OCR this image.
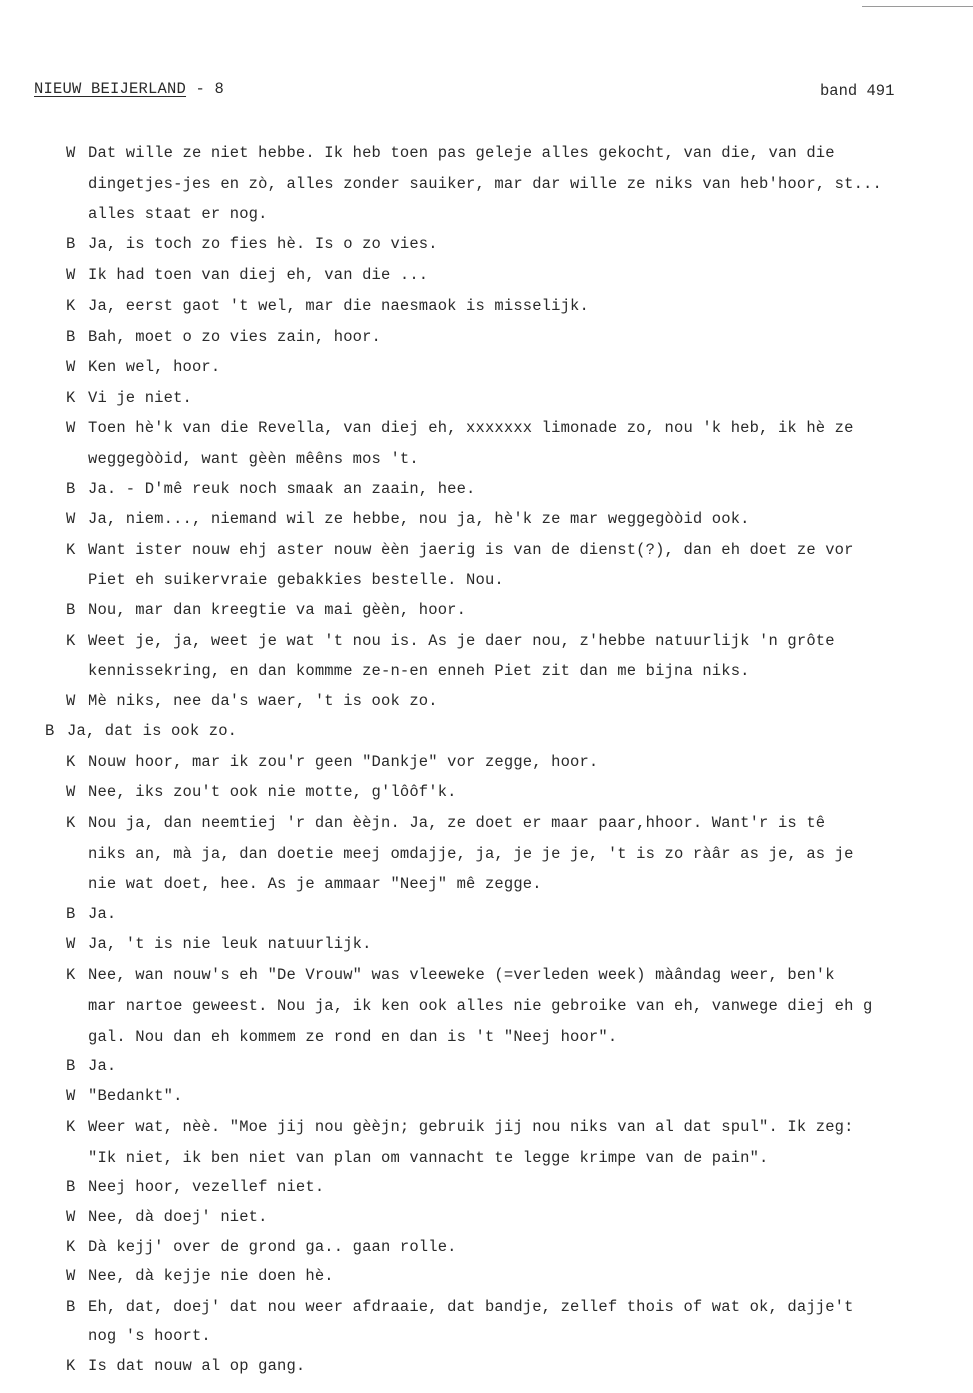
NIEUW BEIJERLAND - 8	band 491
W Dat wille ze niet hebbe. Ik heb toen pas geleje alles gekocht, van die, van die
dingetjes-jes en zò, alles zonder sauiker, mar dar wille ze niks van heb'hoor, st...
alles staat er nog.
B Ja, is toch zo fies hè. Is o zo vies.
W Ik had toen van diej eh, van die ...
K Ja, eerst gaot 't wel, mar die naesmaok is misselijk.
B Bah, moet o zo vies zain, hoor.
W Ken wel, hoor.
K Vi je niet.
W Toen hè'k van die Revella, van diej eh, xxxxxxx limonade zo, nou 'k heb, ik hè ze
weggegòòid, want gèèn mêêns mos 't.
B Ja. - D'mê reuk noch smaak an zaain, hee.
W Ja, niem..., niemand wil ze hebbe, nou ja, hè'k ze mar weggegòòid ook.
K Want ister nouw ehj aster nouw èèn jaerig is van de dienst(?), dan eh doet ze vor
Piet eh suikervraie gebakkies bestelle. Nou.
B Nou, mar dan kreegtie va mai gèèn, hoor.
K Weet je, ja, weet je wat 't nou is. As je daer nou, z'hebbe natuurlijk 'n grôte
kennissekring, en dan kommme ze-n-en enneh Piet zit dan me bijna niks.
W Mè niks, nee da's waer, 't is ook zo.
B Ja, dat is ook zo.
K Nouw hoor, mar ik zou'r geen "Dankje" vor zegge, hoor.
W Nee, iks zou't ook nie motte, g'lôôf'k.
K Nou ja, dan neemtiej 'r dan èèjn. Ja, ze doet er maar paar,hhoor. Want'r is tê
niks an, mà ja, dan doetie meej omdajje, ja, je je je, 't is zo ràâr as je, as je
nie wat doet, hee. As je ammaar "Neej" mê zegge.
B Ja.
W Ja, 't is nie leuk natuurlijk.
K Nee, wan nouw's eh "De Vrouw" was vleeweke (=verleden week) màândag weer, ben'k
mar nartoe geweest. Nou ja, ik ken ook alles nie gebroike van eh, vanwege diej eh g
gal. Nou dan eh kommem ze rond en dan is 't "Neej hoor".
B Ja.
W "Bedankt".
K Weer wat, nèè. "Moe jij nou gèèjn; gebruik jij nou niks van al dat spul". Ik zeg:
"Ik niet, ik ben niet van plan om vannacht te legge krimpe van de pain".
B Neej hoor, vezellef niet.
W Nee, dà doej' niet.
K Dà kejj' over de grond ga.. gaan rolle.
W Nee, dà kejje nie doen hè.
B Eh, dat, doej' dat nou weer afdraaie, dat bandje, zellef thois of wat ok, dajje't
nog 's hoort.
K Is dat nouw al op gang.
